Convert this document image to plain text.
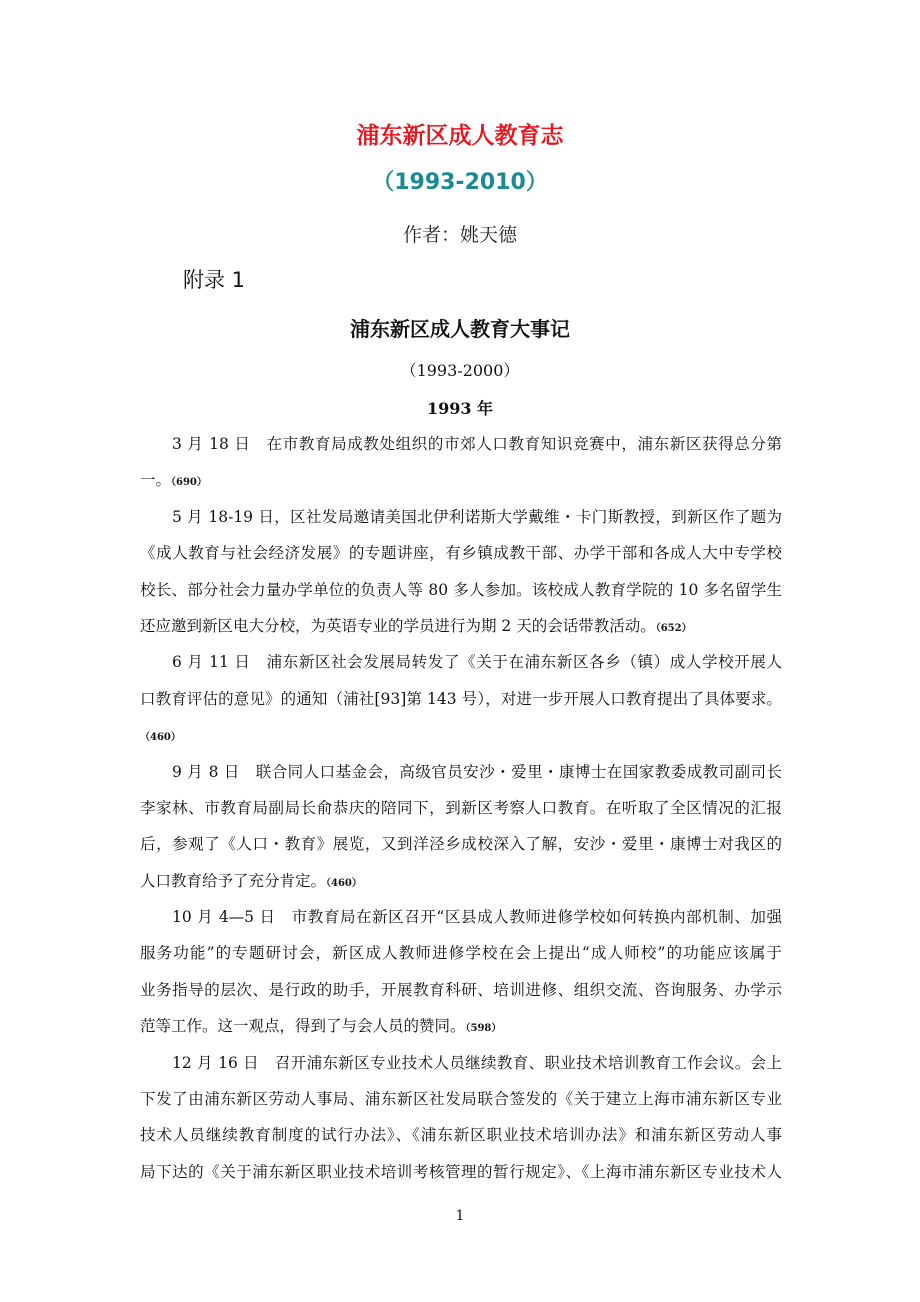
浦东新区成人教育志
（1993-2010）
作者：姚天德
附录 1
浦东新区成人教育大事记
（1993-2000）
1993 年
3 月 18 日　在市教育局成教处组织的市郊人口教育知识竞赛中，浦东新区获得总分第
一。（690）
5 月 18-19 日，区社发局邀请美国北伊利诺斯大学戴维・卡门斯教授，到新区作了题为
《成人教育与社会经济发展》的专题讲座，有乡镇成教干部、办学干部和各成人大中专学校
校长、部分社会力量办学单位的负责人等 80 多人参加。该校成人教育学院的 10 多名留学生
还应邀到新区电大分校，为英语专业的学员进行为期 2 天的会话带教活动。（652）
6 月 11 日　浦东新区社会发展局转发了《关于在浦东新区各乡（镇）成人学校开展人
口教育评估的意见》的通知（浦社[93]第 143 号），对进一步开展人口教育提出了具体要求。
（460）
9 月 8 日　联合同人口基金会，高级官员安沙・爱里・康博士在国家教委成教司副司长
李家林、市教育局副局长俞恭庆的陪同下，到新区考察人口教育。在听取了全区情况的汇报
后，参观了《人口・教育》展览，又到洋泾乡成校深入了解，安沙・爱里・康博士对我区的
人口教育给予了充分肯定。（460）
10 月 4—5 日　市教育局在新区召开“区县成人教师进修学校如何转换内部机制、加强
服务功能”的专题研讨会，新区成人教师进修学校在会上提出“成人师校”的功能应该属于
业务指导的层次、是行政的助手，开展教育科研、培训进修、组织交流、咨询服务、办学示
范等工作。这一观点，得到了与会人员的赞同。（598）
12 月 16 日　召开浦东新区专业技术人员继续教育、职业技术培训教育工作会议。会上
下发了由浦东新区劳动人事局、浦东新区社发局联合签发的《关于建立上海市浦东新区专业
技术人员继续教育制度的试行办法》、《浦东新区职业技术培训办法》和浦东新区劳动人事
局下达的《关于浦东新区职业技术培训考核管理的暂行规定》、《上海市浦东新区专业技术人
1
